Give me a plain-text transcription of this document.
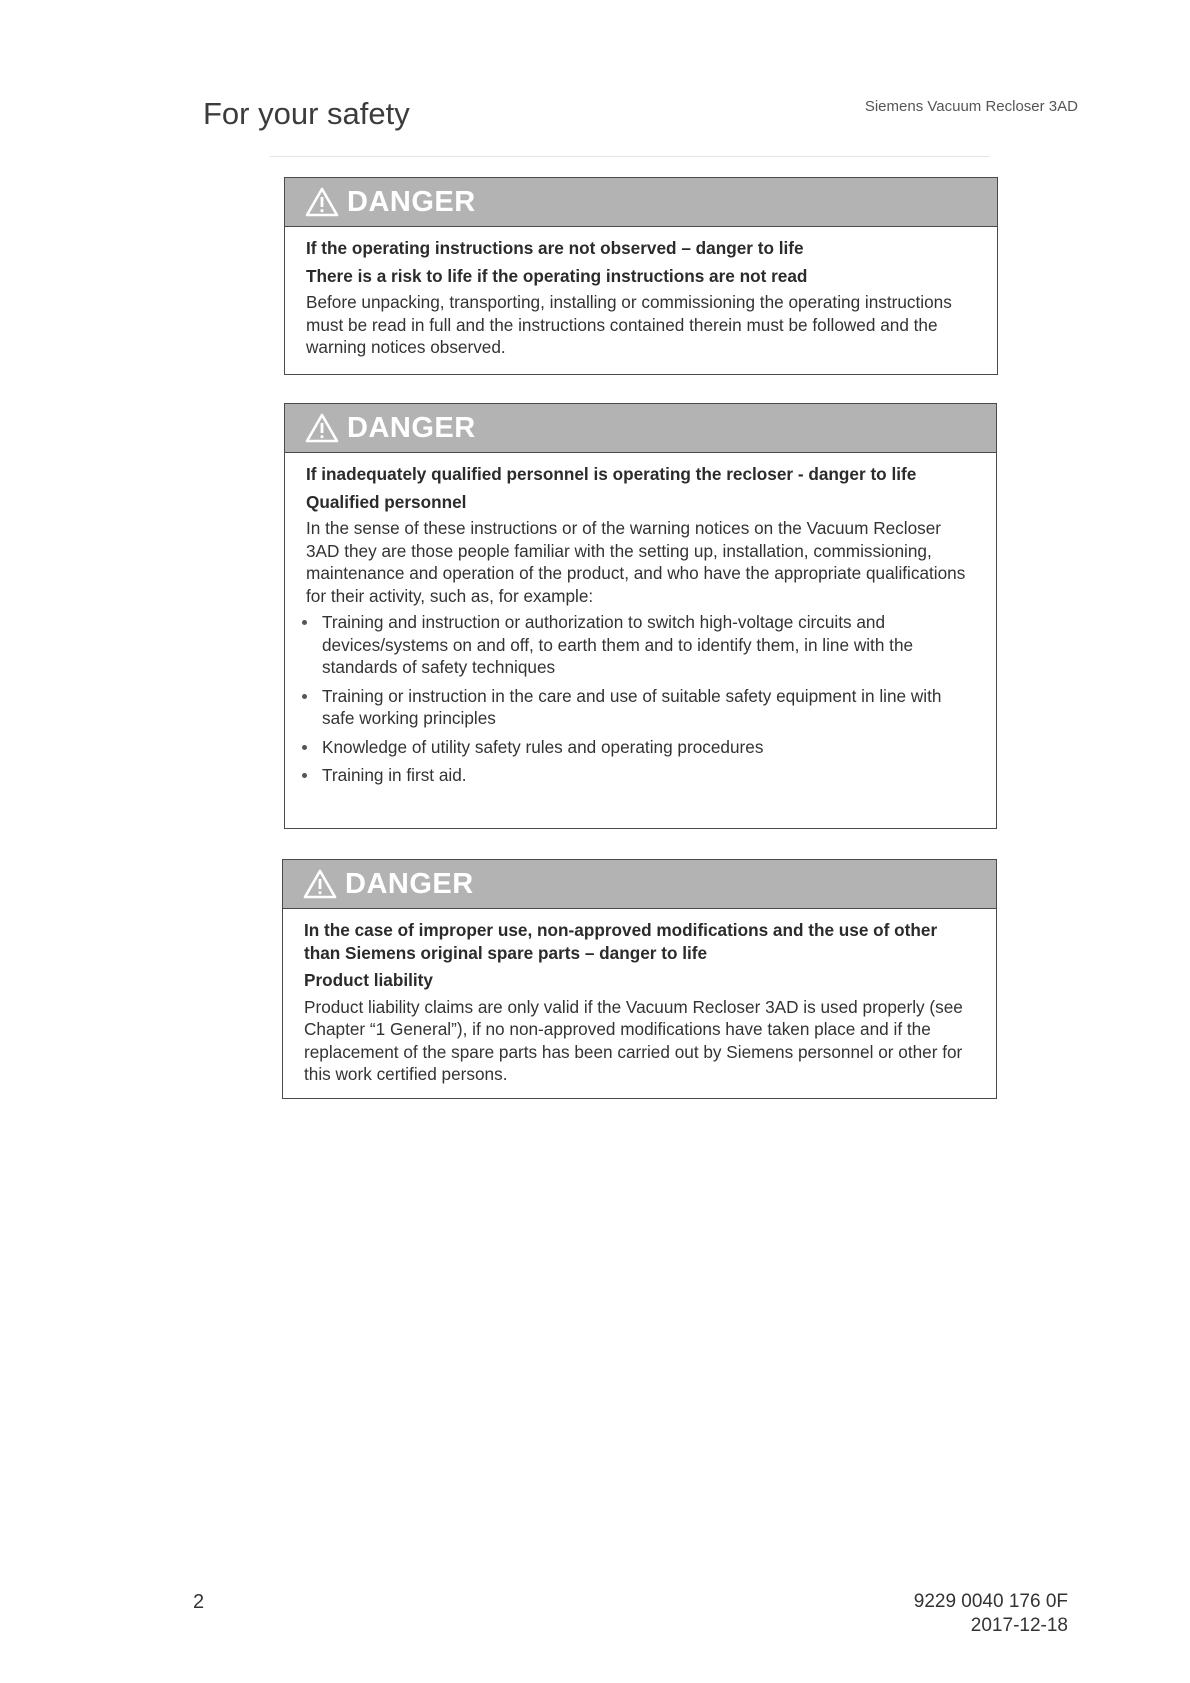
For your safety	Siemens Vacuum Recloser 3AD
DANGER

If the operating instructions are not observed – danger to life

There is a risk to life if the operating instructions are not read

Before unpacking, transporting, installing or commissioning the operating instructions must be read in full and the instructions contained therein must be followed and the warning notices observed.

DANGER

If inadequately qualified personnel is operating the recloser - danger to life

Qualified personnel

In the sense of these instructions or of the warning notices on the Vacuum Recloser 3AD they are those people familiar with the setting up, installation, commissioning, maintenance and operation of the product, and who have the appropriate qualifications for their activity, such as, for example:

Training and instruction or authorization to switch high-voltage circuits and devices/systems on and off, to earth them and to identify them, in line with the standards of safety techniques
Training or instruction in the care and use of suitable safety equipment in line with safe working principles
Knowledge of utility safety rules and operating procedures
Training in first aid.
DANGER

In the case of improper use, non-approved modifications and the use of other than Siemens original spare parts – danger to life

Product liability

Product liability claims are only valid if the Vacuum Recloser 3AD is used properly (see Chapter “1 General”), if no non-approved modifications have taken place and if the replacement of the spare parts has been carried out by Siemens personnel or other for this work certified persons.

2	9229 0040 176 0F
2017-12-18
